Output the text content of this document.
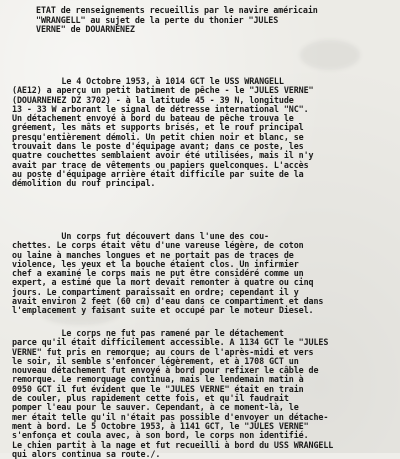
ETAT de renseignements recueillis par le navire américain
"WRANGELL" au sujet de la perte du thonier "JULES
VERNE" de DOUARNENEZ
Le 4 Octobre 1953, à 1014 GCT le USS WRANGELL
(AE12) a aperçu un petit batiment de pêche - le "JULES VERNE"
(DOUARNENEZ DZ 3702) - à la latitude 45 - 39 N, longitude
13 - 33 W arborant le signal de détresse international "NC".
Un détachement envoyé à bord du bateau de pêche trouva le
gréement, les mâts et supports brisés, et le rouf principal
presqu'entièrement démoli. Un petit chien noir et blanc, se
trouvait dans le poste d'équipage avant; dans ce poste, les
quatre couchettes semblaient avoir été utilisées, mais il n'y
avait par trace de vêtements ou papiers quelconques. L'accès
au poste d'équipage arrière était difficile par suite de la
démolition du rouf principal.
Un corps fut découvert dans l'une des cou-
chettes. Le corps était vêtu d'une vareuse légère, de coton
ou laine à manches longues et ne portait pas de traces de
violence, les yeux et la bouche étaient clos. Un infirmier
chef a examiné le corps mais ne put être considéré comme un
expert, a estimé que la mort devait remonter à quatre ou cinq
jours. Le compartiment paraissait en ordre; cependant il y
avait environ 2 feet (60 cm) d'eau dans ce compartiment et dans
l'emplacement y faisant suite et occupé par le moteur Diesel.
Le corps ne fut pas ramené par le détachement
parce qu'il était difficilement accessible. A 1134 GCT le "JULES
VERNE" fut pris en remorque; au cours de l'après-midi et vers
le soir, il semble s'enfoncer légèrement, et à 1708 GCT un
nouveau détachement fut envoyé à bord pour refixer le câble de
remorque. Le remorquage continua, mais le lendemain matin à
0950 GCT il fut évident que le "JULES VERNE" était en train
de couler, plus rapidement cette fois, et qu'il faudrait
pomper l'eau pour le sauver. Cependant, à ce moment-là, le
mer était telle qu'il n'était pas possible d'envoyer un détache-
ment à bord. Le 5 Octobre 1953, à 1141 GCT, le "JULES VERNE"
s'enfonça et coula avec, à son bord, le corps non identifié.
Le chien partit à la nage et fut recueilli à bord du USS WRANGELL
qui alors continua sa route./.
